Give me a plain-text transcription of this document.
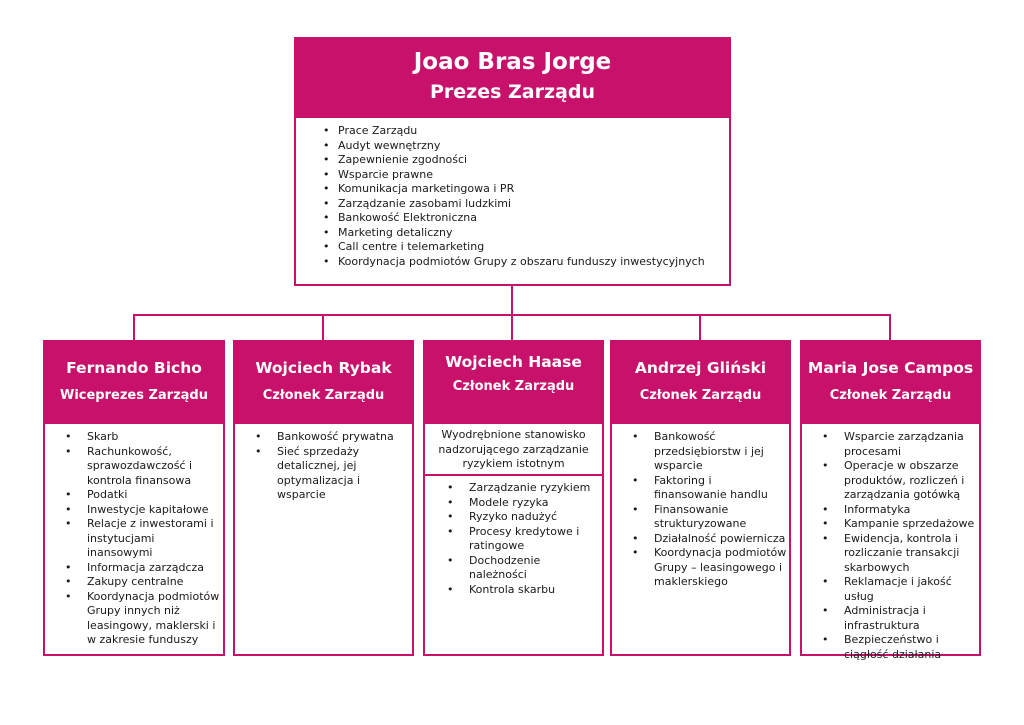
Joao Bras Jorge
Prezes Zarządu
• Prace Zarządu
• Audyt wewnętrzny
• Zapewnienie zgodności
• Wsparcie prawne
• Komunikacja marketingowa i PR
• Zarządzanie zasobami ludzkimi
• Bankowość Elektroniczna
• Marketing detaliczny
• Call centre i telemarketing
• Koordynacja podmiotów Grupy z obszaru funduszy inwestycyjnych
Fernando Bicho
Wiceprezes Zarządu
• Skarb
• Rachunkowość, sprawozdawczość i kontrola finansowa
• Podatki
• Inwestycje kapitałowe
• Relacje z inwestorami i instytucjami inansowymi
• Informacja zarządcza
• Zakupy centralne
• Koordynacja podmiotów Grupy innych niż leasingowy, maklerski i w zakresie funduszy
Wojciech Rybak
Członek Zarządu
• Bankowość prywatna
• Sieć sprzedaży detalicznej, jej optymalizacja i wsparcie
Wojciech Haase
Członek Zarządu
Wyodrębnione stanowisko nadzorującego zarządzanie ryzykiem istotnym
• Zarządzanie ryzykiem
• Modele ryzyka
• Ryzyko nadużyć
• Procesy kredytowe i ratingowe
• Dochodzenie należności
• Kontrola skarbu
Andrzej Gliński
Członek Zarządu
• Bankowość przedsiębiorstw i jej wsparcie
• Faktoring i finansowanie handlu
• Finansowanie strukturyzowane
• Działalność powiernicza
• Koordynacja podmiotów Grupy – leasingowego i maklerskiego
Maria Jose Campos
Członek Zarządu
• Wsparcie zarządzania procesami
• Operacje w obszarze produktów, rozliczeń i zarządzania gotówką
• Informatyka
• Kampanie sprzedażowe
• Ewidencja, kontrola i rozliczanie transakcji skarbowych
• Reklamacje i jakość usług
• Administracja i infrastruktura
• Bezpieczeństwo i ciągłość działania
